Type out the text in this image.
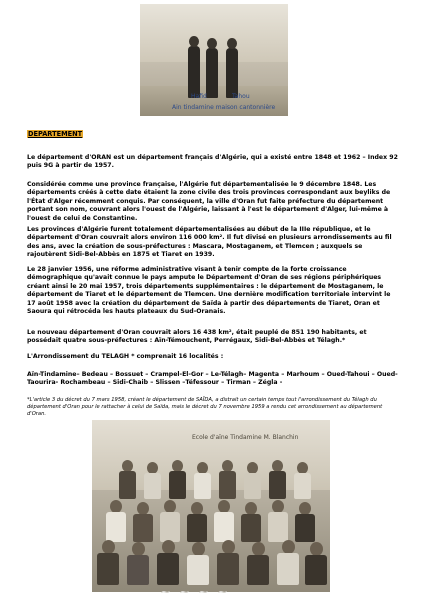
Hafid	Tahou
Ain tindamine maison cantonnière
DEPARTEMENT
Le département d'ORAN est un département français d'Algérie, qui a existé entre 1848 et 1962 – Index 92 puis 9G à partir de 1957.
Considérée comme une province française, l'Algérie fut départementalisée le 9 décembre 1848. Les départements créés à cette date étaient la zone civile des trois provinces correspondant aux beyliks de l'État d'Alger récemment conquis. Par conséquent, la ville d'Oran fut faite préfecture du département portant son nom, couvrant alors l'ouest de l'Algérie, laissant à l'est le département d'Alger, lui-même à l'ouest de celui de Constantine.
Les provinces d'Algérie furent totalement départementalisées au début de la IIIe république, et le département d'Oran couvrait alors environ 116 000 km². Il fut divisé en plusieurs arrondissements au fil des ans, avec la création de sous-préfectures : Mascara, Mostaganem, et Tlemcen ; auxquels se rajoutèrent Sidi-Bel-Abbès en 1875 et Tiaret en 1939.
Le 28 janvier 1956, une réforme administrative visant à tenir compte de la forte croissance démographique qu'avait connue le pays ampute le Département d'Oran de ses régions périphériques créant ainsi le 20 mai 1957, trois départements supplémentaires : le département de Mostaganem, le département de Tiaret et le département de Tlemcen. Une dernière modification territoriale intervint le 17 août 1958 avec la création du département de Saïda à partir des départements de Tiaret, Oran et Saoura qui rétrocéda les hauts plateaux du Sud-Oranais.
Le nouveau département d'Oran couvrait alors 16 438 km², était peuplé de 851 190 habitants, et possédait quatre sous-préfectures : Aïn-Témouchent, Perrégaux, Sidi-Bel-Abbès et Télagh.*
L'Arrondissement du TELAGH * comprenait 16 localités :
Aïn-Tindamine– Bedeau – Bossuet – Crampel-El-Gor – Le-Télagh– Magenta – Marhoum – Oued-Tahoui – Oued-Taourira- Rochambeau – Sidi-Chaib – Slissen –Téfessour – Tirman – Zégla -
*L'article 3 du décret du 7 mars 1958, créant le département de SAÏDA, a distrait un certain temps tout l'arrondissement du Télagh du département d'Oran pour le rattacher à celui de Saïda, mais le décret du 7 novembre 1959 a rendu cet arrondissement au département d'Oran.
Ecole d'aïne Tindamine M. Blanchin
~ ~ ~ ~
